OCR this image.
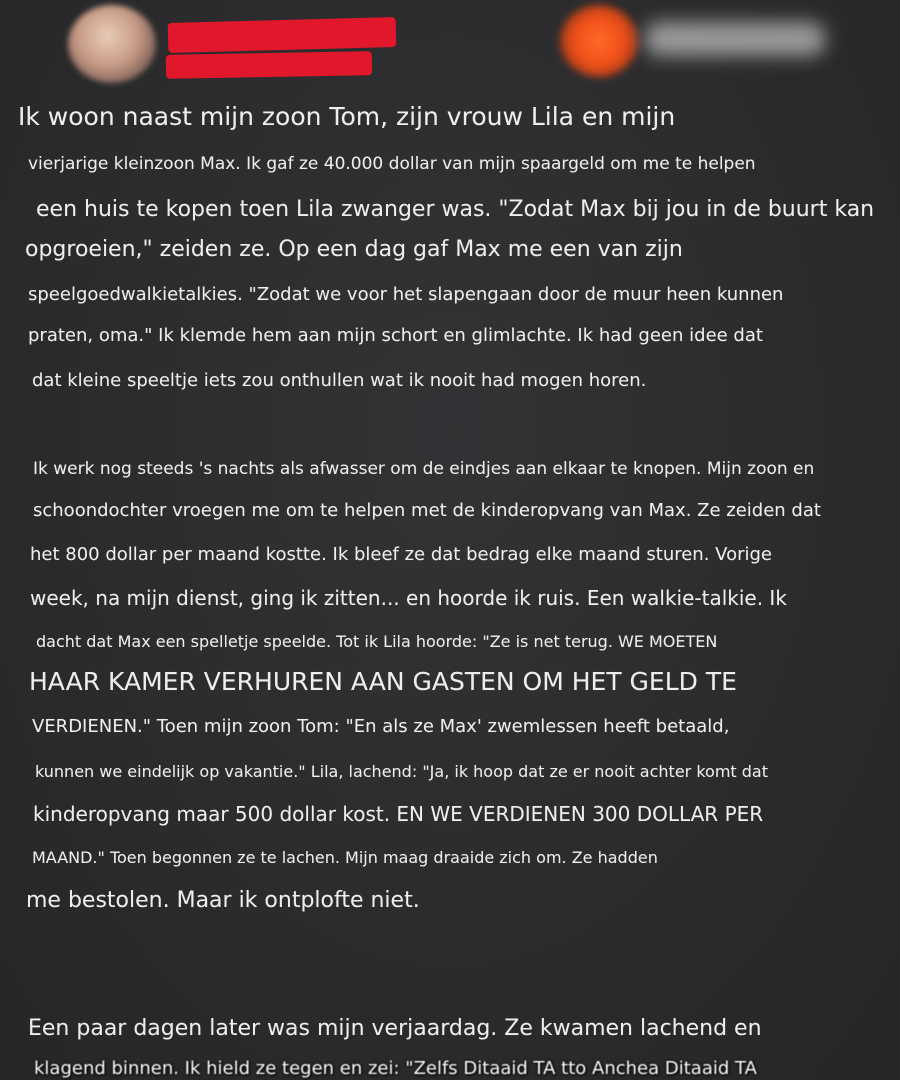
Ik woon naast mijn zoon Tom, zijn vrouw Lila en mijn
vierjarige kleinzoon Max. Ik gaf ze 40.000 dollar van mijn spaargeld om me te helpen
een huis te kopen toen Lila zwanger was. "Zodat Max bij jou in de buurt kan
opgroeien," zeiden ze. Op een dag gaf Max me een van zijn
speelgoedwalkietalkies. "Zodat we voor het slapengaan door de muur heen kunnen
praten, oma." Ik klemde hem aan mijn schort en glimlachte. Ik had geen idee dat
dat kleine speeltje iets zou onthullen wat ik nooit had mogen horen.
Ik werk nog steeds 's nachts als afwasser om de eindjes aan elkaar te knopen. Mijn zoon en
schoondochter vroegen me om te helpen met de kinderopvang van Max. Ze zeiden dat
het 800 dollar per maand kostte. Ik bleef ze dat bedrag elke maand sturen. Vorige
week, na mijn dienst, ging ik zitten... en hoorde ik ruis. Een walkie-talkie. Ik
dacht dat Max een spelletje speelde. Tot ik Lila hoorde: "Ze is net terug. WE MOETEN
HAAR KAMER VERHUREN AAN GASTEN OM HET GELD TE
VERDIENEN." Toen mijn zoon Tom: "En als ze Max' zwemlessen heeft betaald,
kunnen we eindelijk op vakantie." Lila, lachend: "Ja, ik hoop dat ze er nooit achter komt dat
kinderopvang maar 500 dollar kost. EN WE VERDIENEN 300 DOLLAR PER
MAAND." Toen begonnen ze te lachen. Mijn maag draaide zich om. Ze hadden
me bestolen. Maar ik ontplofte niet.
Een paar dagen later was mijn verjaardag. Ze kwamen lachend en
klagend binnen. Ik hield ze tegen en zei: "Zelfs Ditaaid TA tto Anchea Ditaaid TA
